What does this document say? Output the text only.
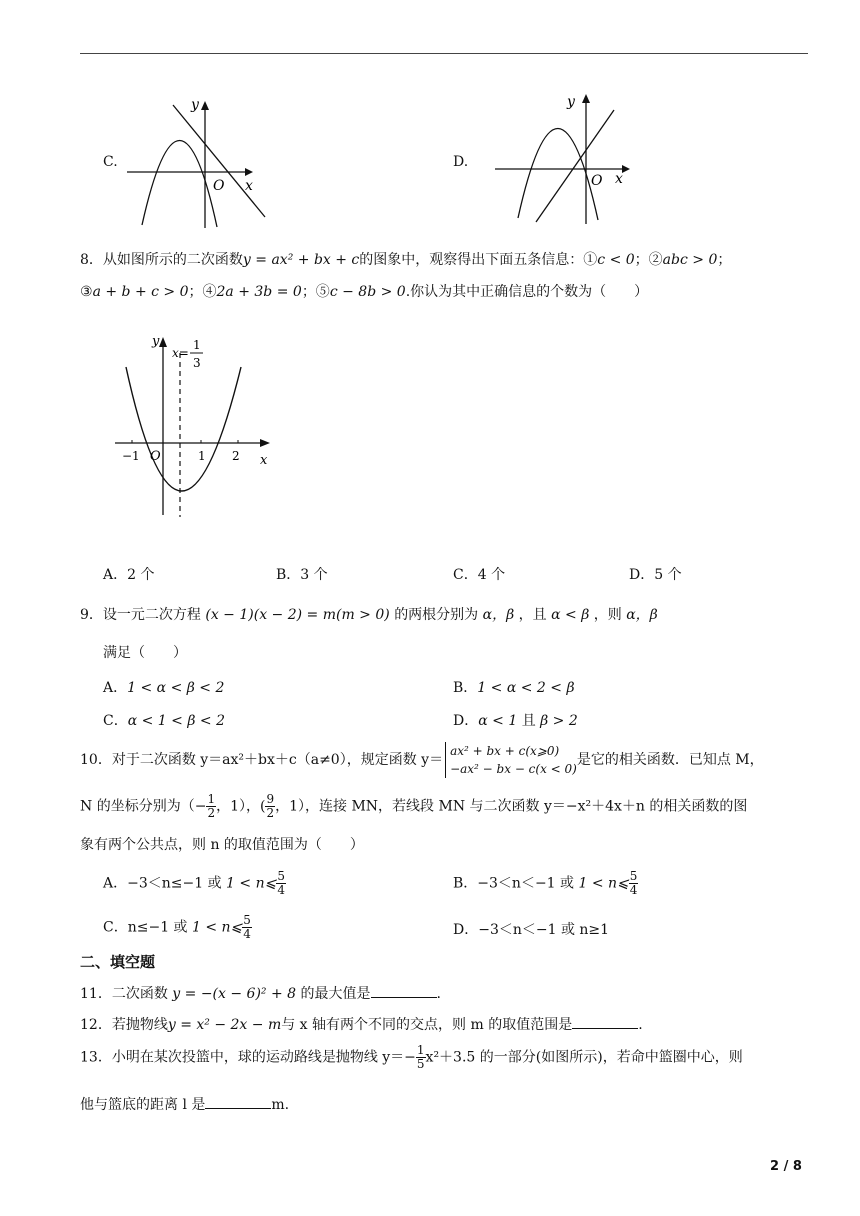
C.
y
x
O
D.
y
x
O
8．从如图所示的二次函数y = ax² + bx + c的图象中，观察得出下面五条信息：①c < 0；②abc > 0；
③a + b + c > 0；④2a + 3b = 0；⑤c − 8b > 0.你认为其中正确信息的个数为（　　）
y
x
O
x=
1
3
−1	1 2
A．2 个	B．3 个	C．4 个	D．5 个
9．设一元二次方程 (x − 1)(x − 2) = m(m > 0) 的两根分别为 α，β ，且 α < β ，则 α，β
满足（　　）
A．1 < α < β < 2	B．1 < α < 2 < β
C．α < 1 < β < 2	D．α < 1 且 β > 2
10．对于二次函数 y＝ax²＋bx＋c（a≠0），规定函数 y＝
ax² + bx + c(x⩾0)
−ax² − bx − c(x < 0)
是它的相关函数．已知点 M，
N 的坐标分别为（− $\frac{1}{2}$ ，1），( $\frac{9}{2}$ ，1），连接 MN，若线段 MN 与二次函数 y＝−x²＋4x＋n 的相关函数的图
象有两个公共点，则 n 的取值范围为（　　）
A．−3＜n≤−1 或 1 < n⩽ $\frac{5}{4}$	B．−3＜n＜−1 或 1 < n⩽ $\frac{5}{4}$
C．n≤−1 或 1 < n⩽ $\frac{5}{4}$	D．−3＜n＜−1 或 n≥1
二、填空题
11．二次函数 y = −(x − 6)² + 8 的最大值是	.
12．若抛物线y = x² − 2x − m与 x 轴有两个不同的交点，则 m 的取值范围是	.
13．小明在某次投篮中，球的运动路线是抛物线 $y=- \frac{1}{5} x^2+3.5$ 的一部分(如图所示)，若命中篮圈中心，则
他与篮底的距离 l 是	m.
2 / 8
